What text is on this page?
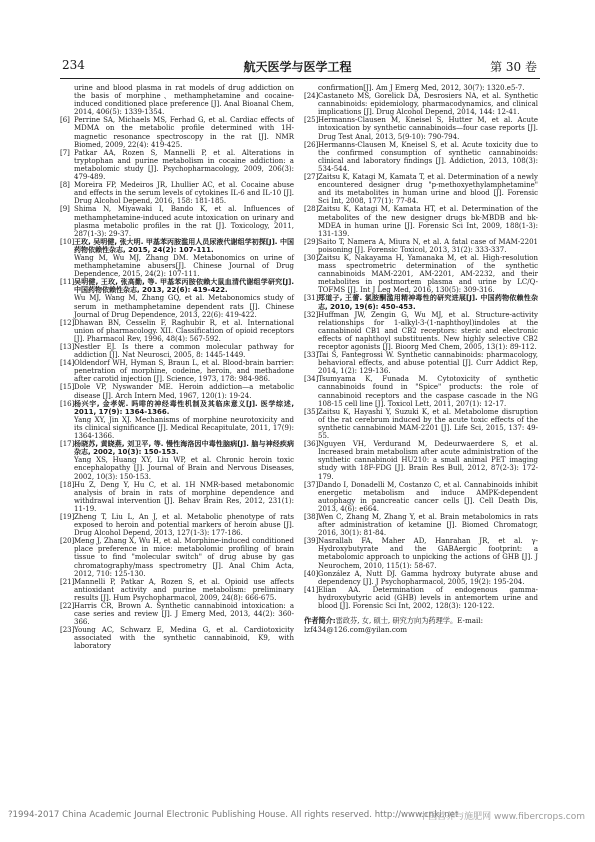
234	航天医学与医学工程	第 30 卷
urine and blood plasma in rat models of drug addiction on the basis of morphine、methamphetamine and cocaine-induced conditioned place preference [J]. Anal Bioanal Chem, 2014, 406(5): 1339-1354.
[6] Perrine SA, Michaels MS, Ferhad G, et al. Cardiac effects of MDMA on the metabolic profile determined with 1H-magnetic resonance spectroscopy in the rat [J]. NMR Biomed, 2009, 22(4): 419-425.
[7] Patkar AA, Rozen S, Mannelli P, et al. Alterations in tryptophan and purine metabolism in cocaine addiction: a metabolomic study [J]. Psychopharmacology, 2009, 206(3): 479-489.
[8] Moreira FP, Medeiros JR, Lhullier AC, et al. Cocaine abuse and effects in the serum levels of cytokines IL-6 and IL-10 [J]. Drug Alcohol Depend, 2016, 158: 181-185.
[9] Shima N, Miyawaki I, Bando K, et al. Influences of methamphetamine-induced acute intoxication on urinary and plasma metabolic profiles in the rat [J]. Toxicology, 2011, 287(1-3): 29-37.
[10] 王玫, 吴明健, 张大明. 甲基苯丙胺滥用人员尿液代谢组学初探[J]. 中国药物依赖性杂志, 2015, 24(2): 107-111.
Wang M, Wu MJ, Zhang DM. Metabonomics on urine of methamphetamine abusers[J]. Chinese Journal of Drug Dependence, 2015, 24(2): 107-111.
[11] 吴明健, 王玫, 张高勤, 等. 甲基苯丙胺依赖大鼠血清代谢组学研究[J]. 中国药物依赖性杂志, 2013, 22(6): 419-422.
Wu MJ, Wang M, Zhang GQ, et al. Metabonomics study of serum in methamphetamine dependent rats [J]. Chinese Journal of Drug Dependence, 2013, 22(6): 419-422.
[12] Dhawan BN, Cesselin F, Raghubir R, et al. International union of pharmacology. XII. Classification of opioid receptors [J]. Pharmacol Rev, 1996, 48(4): 567-592.
[13] Nestler EJ. Is there a common molecular pathway for addiction [J]. Nat Neurosci, 2005, 8: 1445-1449.
[14] Oldendorf WH, Hyman S, Braun L, et al. Blood-brain barrier: penetration of morphine, codeine, heroin, and methadone after carotid injection [J]. Science, 1973, 178: 984-986.
[15] Dole VP, Nyswander ME. Heroin addiction—a metabolic disease [J]. Arch Intern Med, 1967, 120(1): 19-24.
[16] 杨兴宇, 金孝妮. 吗啡的神经毒性机制及其临床意义[J]. 医学综述, 2011, 17(9): 1364-1366.
Yang XY, Jin XJ. Mechanisms of morphine neurotoxicity and its clinical significance [J]. Medical Recapitulate, 2011, 17(9): 1364-1366.
[17] 杨晓苏, 黄晓燕, 刘卫平, 等. 慢性海洛因中毒性脑病[J]. 脑与神经疾病杂志, 2002, 10(3): 150-153.
Yang XS, Huang XY, Liu WP, et al. Chronic heroin toxic encephalopathy [J]. Journal of Brain and Nervous Diseases, 2002, 10(3): 150-153.
[18] Hu Z, Deng Y, Hu C, et al. 1H NMR-based metabonomic analysis of brain in rats of morphine dependence and withdrawal intervention [J]. Behav Brain Res, 2012, 231(1): 11-19.
[19] Zheng T, Liu L, An J, et al. Metabolic phenotype of rats exposed to heroin and potential markers of heroin abuse [J]. Drug Alcohol Depend, 2013, 127(1-3): 177-186.
[20] Meng J, Zhang X, Wu H, et al. Morphine-induced conditioned place preference in mice: metabolomic profiling of brain tissue to find "molecular switch" of drug abuse by gas chromatography/mass spectrometry [J]. Anal Chim Acta, 2012, 710: 125-130.
[21] Mannelli P, Patkar A, Rozen S, et al. Opioid use affects antioxidant activity and purine metabolism: preliminary results [J]. Hum Psychopharmacol, 2009, 24(8): 666-675.
[22] Harris CR, Brown A. Synthetic cannabinoid intoxication: a case series and review [J]. J Emerg Med, 2013, 44(2): 360-366.
[23] Young AC, Schwarz E, Medina G, et al. Cardiotoxicity associated with the synthetic cannabinoid, K9, with laboratory
confirmation[J]. Am J Emerg Med, 2012, 30(7): 1320.e5-7.
[24] Castaneto MS, Gorelick DA, Desrosiers NA, et al. Synthetic cannabinoids: epidemiology, pharmacodynamics, and clinical implications [J]. Drug Alcohol Depend, 2014, 144: 12-41.
[25] Hermanns-Clausen M, Kneisel S, Hutter M, et al. Acute intoxication by synthetic cannabinoids—four case reports [J]. Drug Test Anal, 2013, 5(9-10): 790-794.
[26] Hermanns-Clausen M, Kneisel S, et al. Acute toxicity due to the confirmed consumption of synthetic cannabinoids: clinical and laboratory findings [J]. Addiction, 2013, 108(3): 534-544.
[27] Zaitsu K, Katagi M, Kamata T, et al. Determination of a newly encountered designer drug "p-methoxyethylamphetamine" and its metabolites in human urine and blood [J]. Forensic Sci Int, 2008, 177(1): 77-84.
[28] Zaitsu K, Katagi M, Kamata HT, et al. Determination of the metabolites of the new designer drugs bk-MBDB and bk-MDEA in human urine [J]. Forensic Sci Int, 2009, 188(1-3): 131-139.
[29] Saito T, Namera A, Miura N, et al. A fatal case of MAM-2201 poisoning [J]. Forensic Toxicol, 2013, 31(2): 333-337.
[30] Zaitsu K, Nakayama H, Yamanaka M, et al. High-resolution mass spectrometric determination of the synthetic cannabinoids MAM-2201, AM-2201, AM-2232, and their metabolites in postmortem plasma and urine by LC/Q-TOFMS [J]. Int J Leg Med, 2016, 130(5): 309-316.
[31] 郑道子, 王蕾. 氯胺酮滥用精神毒性的研究进展[J]. 中国药物依赖性杂志, 2010, 19(6): 450-453.
[32] Huffman JW, Zengin G, Wu MJ, et al. Structure-activity relationships for 1-alkyl-3-(1-naphthoyl)indoles at the cannabinoid CB1 and CB2 receptors: steric and electronic effects of naphthoyl substituents. New highly selective CB2 receptor agonists [J]. Bioorg Med Chem, 2005, 13(1): 89-112.
[33] Tai S, Fantegrossi W. Synthetic cannabinoids: pharmacology, behavioral effects, and abuse potential [J]. Curr Addict Rep, 2014, 1(2): 129-136.
[34] Tsumyama K, Funada M. Cytotoxicity of synthetic cannabinoids found in "Spice" products: the role of cannabinoid receptors and the caspase cascade in the NG 108-15 cell line [J]. Toxicol Lett, 2011, 207(1): 12-17.
[35] Zaitsu K, Hayashi Y, Suzuki K, et al. Metabolome disruption of the rat cerebrum induced by the acute toxic effects of the synthetic cannabinoid MAM-2201 [J]. Life Sci, 2015, 137: 49-55.
[36] Nguyen VH, Verdurand M, Dedeurwaerdere S, et al. Increased brain metabolism after acute administration of the synthetic cannabinoid HU210: a small animal PET imaging study with 18F-FDG [J]. Brain Res Bull, 2012, 87(2-3): 172-179.
[37] Dando I, Donadelli M, Costanzo C, et al. Cannabinoids inhibit energetic metabolism and induce AMPK-dependent autophagy in pancreatic cancer cells [J]. Cell Death Dis, 2013, 4(6): e664.
[38] Wen C, Zhang M, Zhang Y, et al. Brain metabolomics in rats after administration of ketamine [J]. Biomed Chromatogr, 2016, 30(1): 81-84.
[39] Nasrallah FA, Maher AD, Hanrahan JR, et al. γ-Hydroxybutyrate and the GABAergic footprint: a metabolomic approach to unpicking the actions of GHB [J]. J Neurochem, 2010, 115(1): 58-67.
[40] González A, Nutt DJ. Gamma hydroxy butyrate abuse and dependency [J]. J Psychopharmacol, 2005, 19(2): 195-204.
[41] Elian AA. Determination of endogenous gamma-hydroxybutyric acid (GHB) levels in antemortem urine and blood [J]. Forensic Sci Int, 2002, 128(3): 120-122.
作者简介:雷政芬, 女, 硕士, 研究方向为药理学。E-mail: lzf434@126.com@yilan.com
?1994-2017 China Academic Journal Electronic Publishing House. All rights reserved. http://www.cnki.net
中国营养与施肥网 www.fibercrops.com
